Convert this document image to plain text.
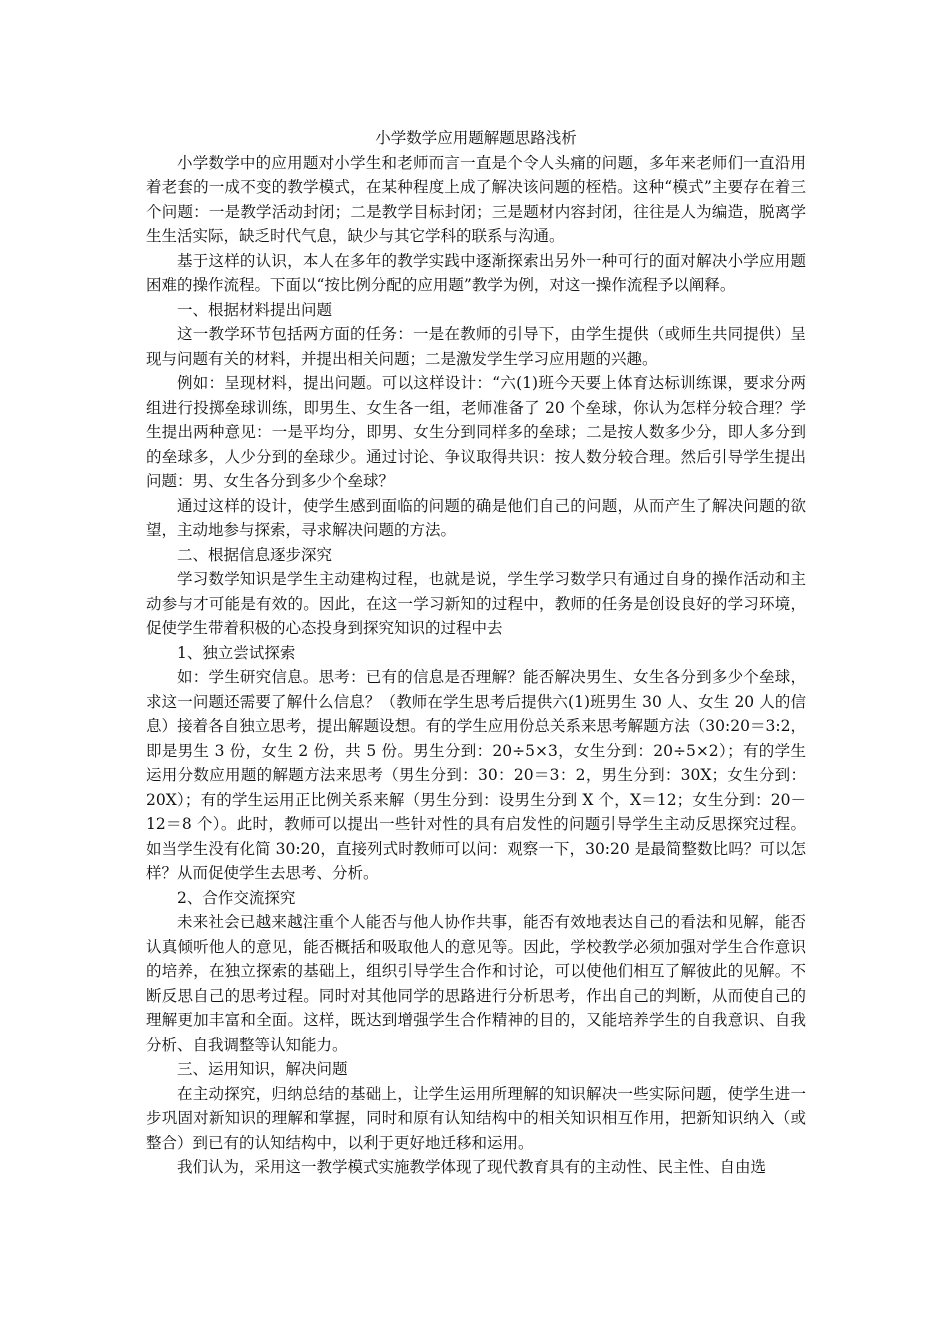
小学数学应用题解题思路浅析

小学数学中的应用题对小学生和老师而言一直是个令人头痛的问题，多年来老师们一直沿用着老套的一成不变的教学模式，在某种程度上成了解决该问题的桎梏。这种“模式”主要存在着三个问题：一是教学活动封闭；二是教学目标封闭；三是题材内容封闭，往往是人为编造，脱离学生生活实际，缺乏时代气息，缺少与其它学科的联系与沟通。

基于这样的认识，本人在多年的教学实践中逐渐探索出另外一种可行的面对解决小学应用题困难的操作流程。下面以“按比例分配的应用题”教学为例，对这一操作流程予以阐释。

一、根据材料提出问题

这一教学环节包括两方面的任务：一是在教师的引导下，由学生提供（或师生共同提供）呈现与问题有关的材料，并提出相关问题；二是激发学生学习应用题的兴趣。

例如：呈现材料，提出问题。可以这样设计：“六(1)班今天要上体育达标训练课，要求分两组进行投掷垒球训练，即男生、女生各一组，老师准备了 20 个垒球，你认为怎样分较合理？学生提出两种意见：一是平均分，即男、女生分到同样多的垒球；二是按人数多少分，即人多分到的垒球多，人少分到的垒球少。通过讨论、争议取得共识：按人数分较合理。然后引导学生提出问题：男、女生各分到多少个垒球？

通过这样的设计，使学生感到面临的问题的确是他们自己的问题，从而产生了解决问题的欲望，主动地参与探索，寻求解决问题的方法。

二、根据信息逐步深究

学习数学知识是学生主动建构过程，也就是说，学生学习数学只有通过自身的操作活动和主动参与才可能是有效的。因此，在这一学习新知的过程中，教师的任务是创设良好的学习环境，促使学生带着积极的心态投身到探究知识的过程中去

1、独立尝试探索

如：学生研究信息。思考：已有的信息是否理解？能否解决男生、女生各分到多少个垒球，求这一问题还需要了解什么信息？（教师在学生思考后提供六(1)班男生 30 人、女生 20 人的信息）接着各自独立思考，提出解题设想。有的学生应用份总关系来思考解题方法（30:20＝3:2，即是男生 3 份，女生 2 份，共 5 份。男生分到：20÷5×3，女生分到：20÷5×2）；有的学生运用分数应用题的解题方法来思考（男生分到：30：20＝3：2，男生分到：30X；女生分到：20X）；有的学生运用正比例关系来解（男生分到：设男生分到 X 个，X＝12；女生分到：20－12＝8 个）。此时，教师可以提出一些针对性的具有启发性的问题引导学生主动反思探究过程。如当学生没有化简 30:20，直接列式时教师可以问：观察一下，30:20 是最简整数比吗？可以怎样？从而促使学生去思考、分析。

2、合作交流探究

未来社会已越来越注重个人能否与他人协作共事，能否有效地表达自己的看法和见解，能否认真倾听他人的意见，能否概括和吸取他人的意见等。因此，学校教学必须加强对学生合作意识的培养，在独立探索的基础上，组织引导学生合作和讨论，可以使他们相互了解彼此的见解。不断反思自己的思考过程。同时对其他同学的思路进行分析思考，作出自己的判断，从而使自己的理解更加丰富和全面。这样，既达到增强学生合作精神的目的，又能培养学生的自我意识、自我分析、自我调整等认知能力。

三、运用知识，解决问题

在主动探究，归纳总结的基础上，让学生运用所理解的知识解决一些实际问题，使学生进一步巩固对新知识的理解和掌握，同时和原有认知结构中的相关知识相互作用，把新知识纳入（或整合）到已有的认知结构中，以利于更好地迁移和运用。

我们认为，采用这一教学模式实施教学体现了现代教育具有的主动性、民主性、自由选
